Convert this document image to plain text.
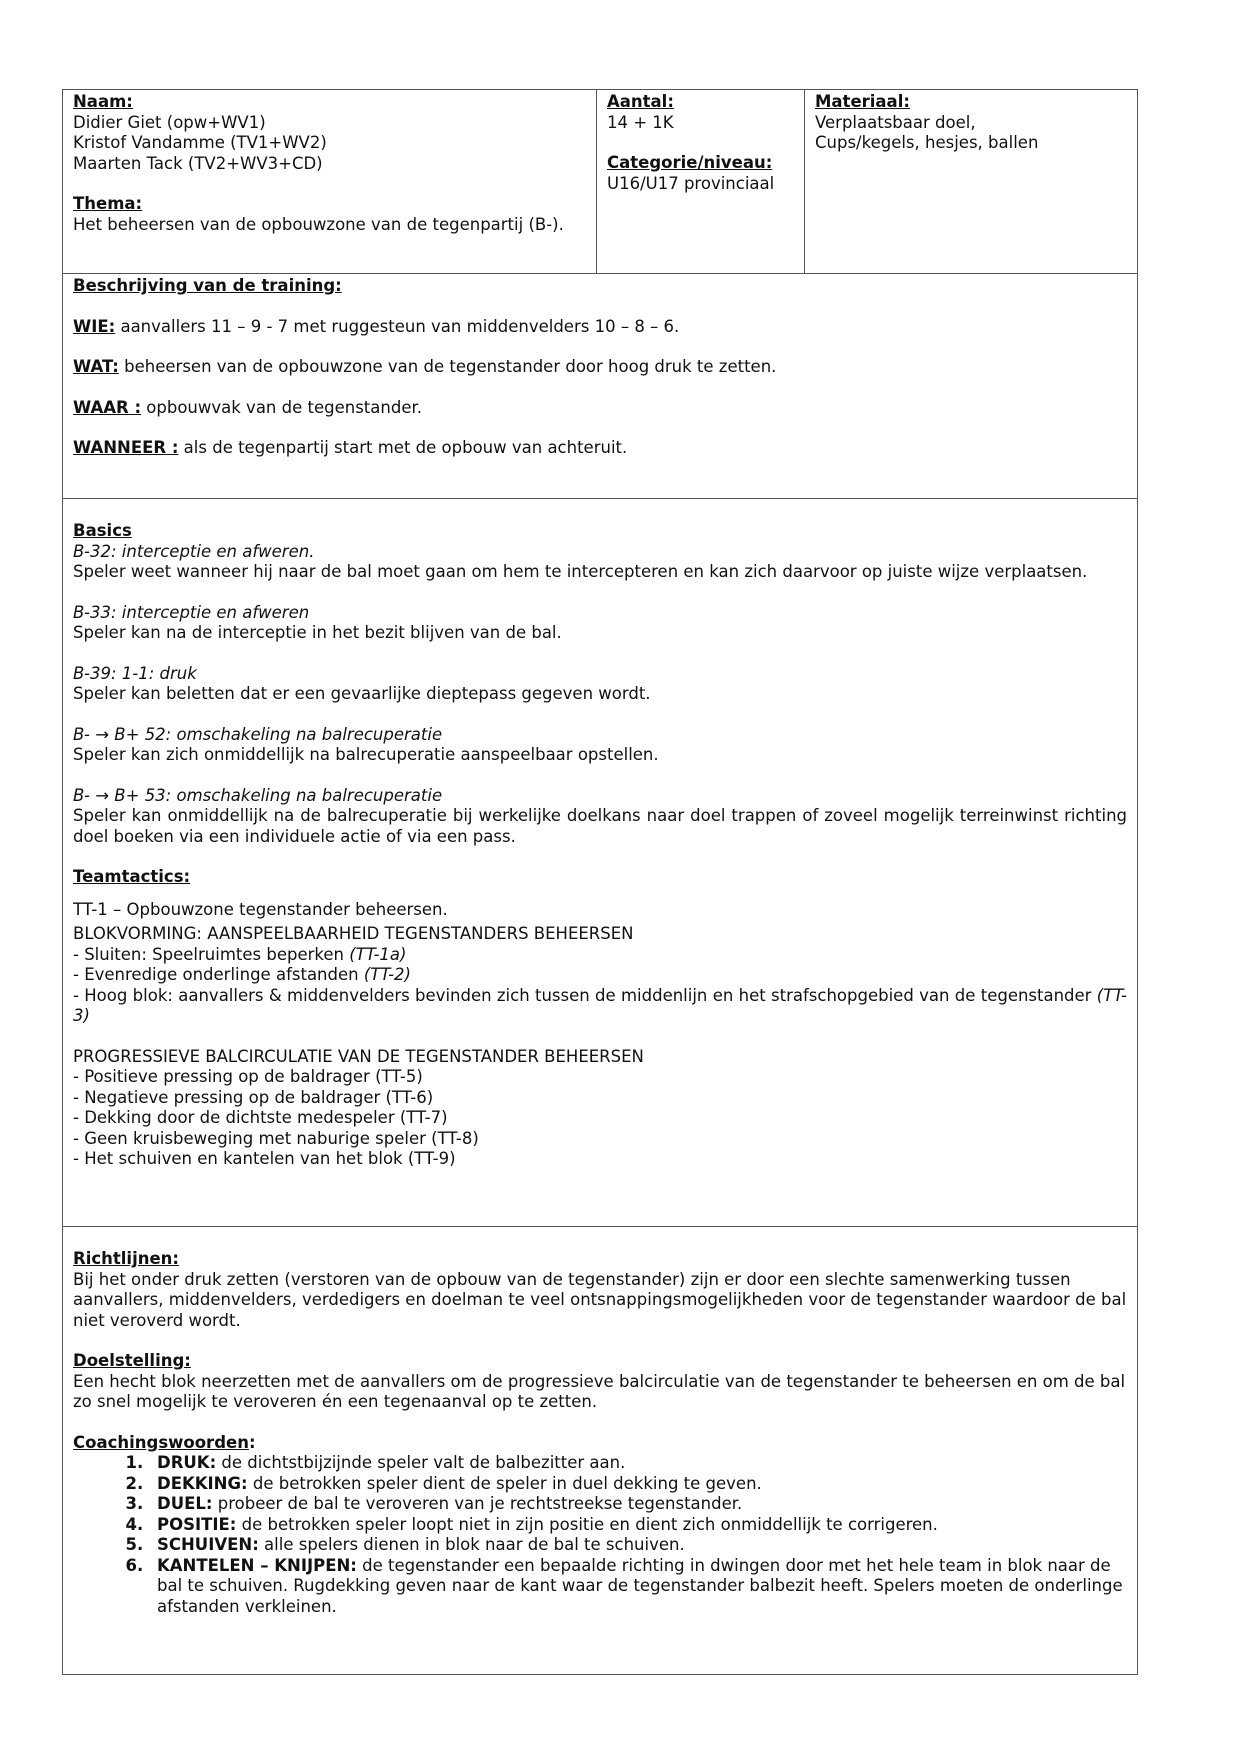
Naam:
Didier Giet (opw+WV1)
Kristof Vandamme (TV1+WV2)
Maarten Tack (TV2+WV3+CD)
Thema:
Het beheersen van de opbouwzone van de tegenpartij (B-).
Aantal:
14 + 1K
Categorie/niveau:
U16/U17 provinciaal
Materiaal:
Verplaatsbaar doel,
Cups/kegels, hesjes, ballen
Beschrijving van de training:

WIE: aanvallers 11 – 9 - 7 met ruggesteun van middenvelders 10 – 8 – 6.

WAT: beheersen van de opbouwzone van de tegenstander door hoog druk te zetten.

WAAR : opbouwvak van de tegenstander.

WANNEER : als de tegenpartij start met de opbouw van achteruit.

Basics
B-32: interceptie en afweren.

Speler weet wanneer hij naar de bal moet gaan om hem te intercepteren en kan zich daarvoor op juiste wijze verplaatsen.

B-33: interceptie en afweren

Speler kan na de interceptie in het bezit blijven van de bal.

B-39: 1-1: druk

Speler kan beletten dat er een gevaarlijke dieptepass gegeven wordt.

B- → B+ 52: omschakeling na balrecuperatie

Speler kan zich onmiddellijk na balrecuperatie aanspeelbaar opstellen.

B- → B+ 53: omschakeling na balrecuperatie

Speler kan onmiddellijk na de balrecuperatie bij werkelijke doelkans naar doel trappen of zoveel mogelijk terreinwinst richting doel boeken via een individuele actie of via een pass.

Teamtactics:

TT-1 – Opbouwzone tegenstander beheersen.

BLOKVORMING: AANSPEELBAARHEID TEGENSTANDERS BEHEERSEN

- Sluiten: Speelruimtes beperken (TT-1a)

- Evenredige onderlinge afstanden (TT-2)

- Hoog blok: aanvallers & middenvelders bevinden zich tussen de middenlijn en het strafschopgebied van de tegenstander (TT-3)

PROGRESSIEVE BALCIRCULATIE VAN DE TEGENSTANDER BEHEERSEN

- Positieve pressing op de baldrager (TT-5)

- Negatieve pressing op de baldrager (TT-6)

- Dekking door de dichtste medespeler (TT-7)

- Geen kruisbeweging met naburige speler (TT-8)

- Het schuiven en kantelen van het blok (TT-9)

Richtlijnen:

Bij het onder druk zetten (verstoren van de opbouw van de tegenstander) zijn er door een slechte samenwerking tussen aanvallers, middenvelders, verdedigers en doelman te veel ontsnappingsmogelijkheden voor de tegenstander waardoor de bal niet veroverd wordt.

Doelstelling:

Een hecht blok neerzetten met de aanvallers om de progressieve balcirculatie van de tegenstander te beheersen en om de bal zo snel mogelijk te veroveren én een tegenaanval op te zetten.

Coachingswoorden:

1. DRUK: de dichtstbijzijnde speler valt de balbezitter aan.
2. DEKKING: de betrokken speler dient de speler in duel dekking te geven.
3. DUEL: probeer de bal te veroveren van je rechtstreekse tegenstander.
4. POSITIE: de betrokken speler loopt niet in zijn positie en dient zich onmiddellijk te corrigeren.
5. SCHUIVEN: alle spelers dienen in blok naar de bal te schuiven.
6. KANTELEN – KNIJPEN: de tegenstander een bepaalde richting in dwingen door met het hele team in blok naar de bal te schuiven. Rugdekking geven naar de kant waar de tegenstander balbezit heeft. Spelers moeten de onderlinge afstanden verkleinen.
